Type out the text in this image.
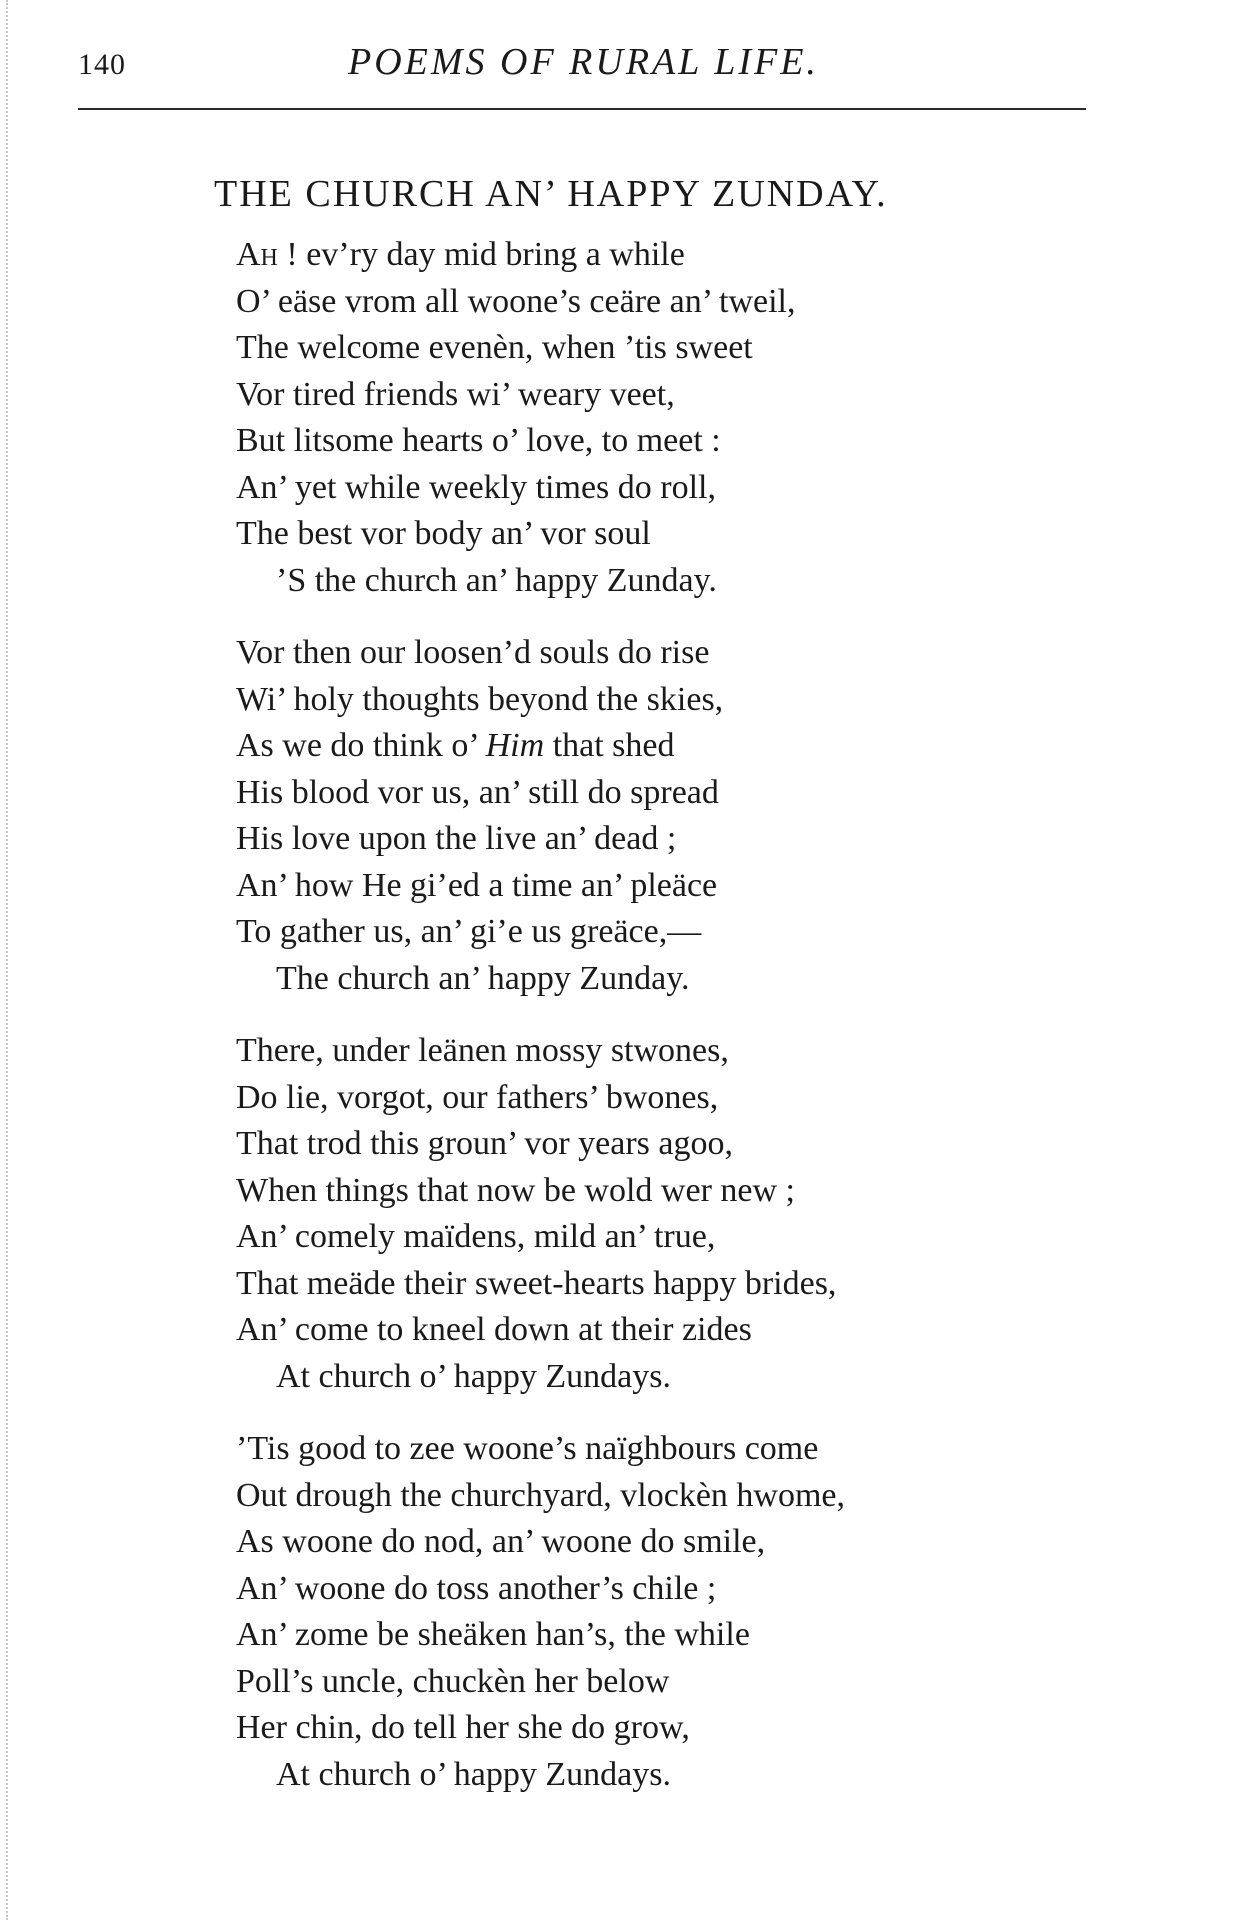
140	POEMS OF RURAL LIFE.
THE CHURCH AN’ HAPPY ZUNDAY.
Ah ! ev’ry day mid bring a while
O’ eäse vrom all woone’s ceäre an’ tweil,
The welcome evenèn, when ’tis sweet
Vor tired friends wi’ weary veet,
But litsome hearts o’ love, to meet :
An’ yet while weekly times do roll,
The best vor body an’ vor soul
’S the church an’ happy Zunday.
Vor then our loosen’d souls do rise
Wi’ holy thoughts beyond the skies,
As we do think o’ Him that shed
His blood vor us, an’ still do spread
His love upon the live an’ dead ;
An’ how He gi’ed a time an’ pleäce
To gather us, an’ gi’e us greäce,—
The church an’ happy Zunday.
There, under leänen mossy stwones,
Do lie, vorgot, our fathers’ bwones,
That trod this groun’ vor years agoo,
When things that now be wold wer new ;
An’ comely maïdens, mild an’ true,
That meäde their sweet-hearts happy brides,
An’ come to kneel down at their zides
At church o’ happy Zundays.
’Tis good to zee woone’s naïghbours come
Out drough the churchyard, vlockèn hwome,
As woone do nod, an’ woone do smile,
An’ woone do toss another’s chile ;
An’ zome be sheäken han’s, the while
Poll’s uncle, chuckèn her below
Her chin, do tell her she do grow,
At church o’ happy Zundays.
